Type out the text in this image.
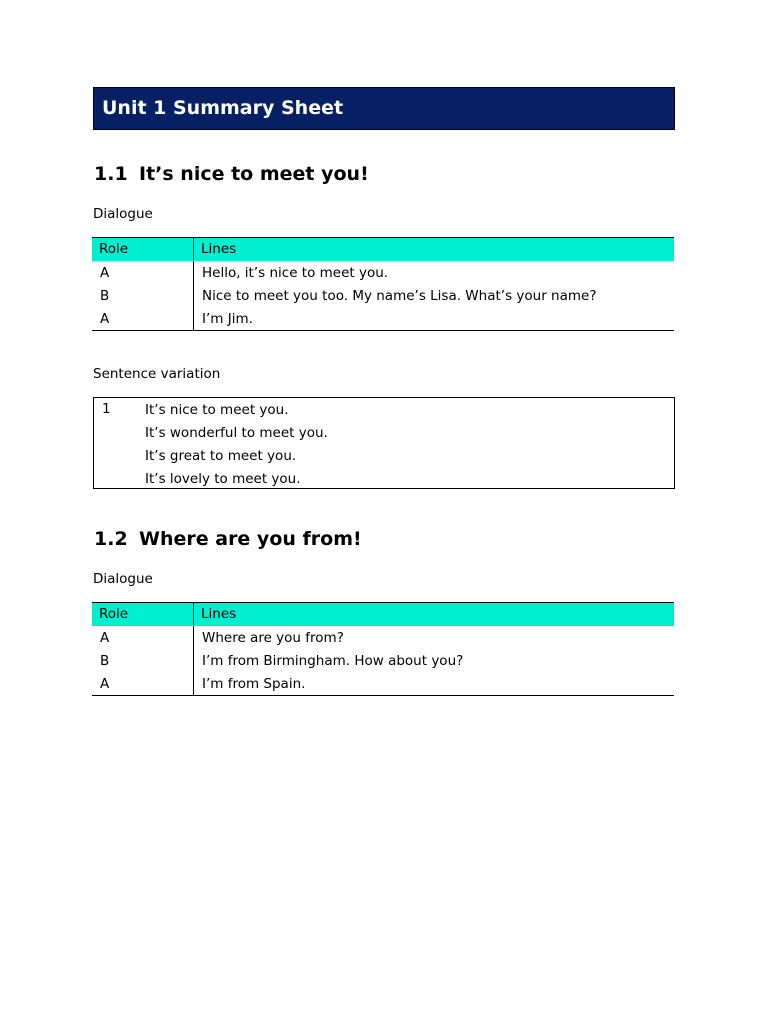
Unit 1 Summary Sheet
1.1 It’s nice to meet you!
Dialogue
Role	Lines
A	Hello, it’s nice to meet you.
B	Nice to meet you too. My name’s Lisa. What’s your name?
A	I’m Jim.
Sentence variation
1	It’s nice to meet you.
It’s wonderful to meet you.
It’s great to meet you.
It’s lovely to meet you.
1.2 Where are you from!
Dialogue
Role	Lines
A	Where are you from?
B	I’m from Birmingham. How about you?
A	I’m from Spain.
